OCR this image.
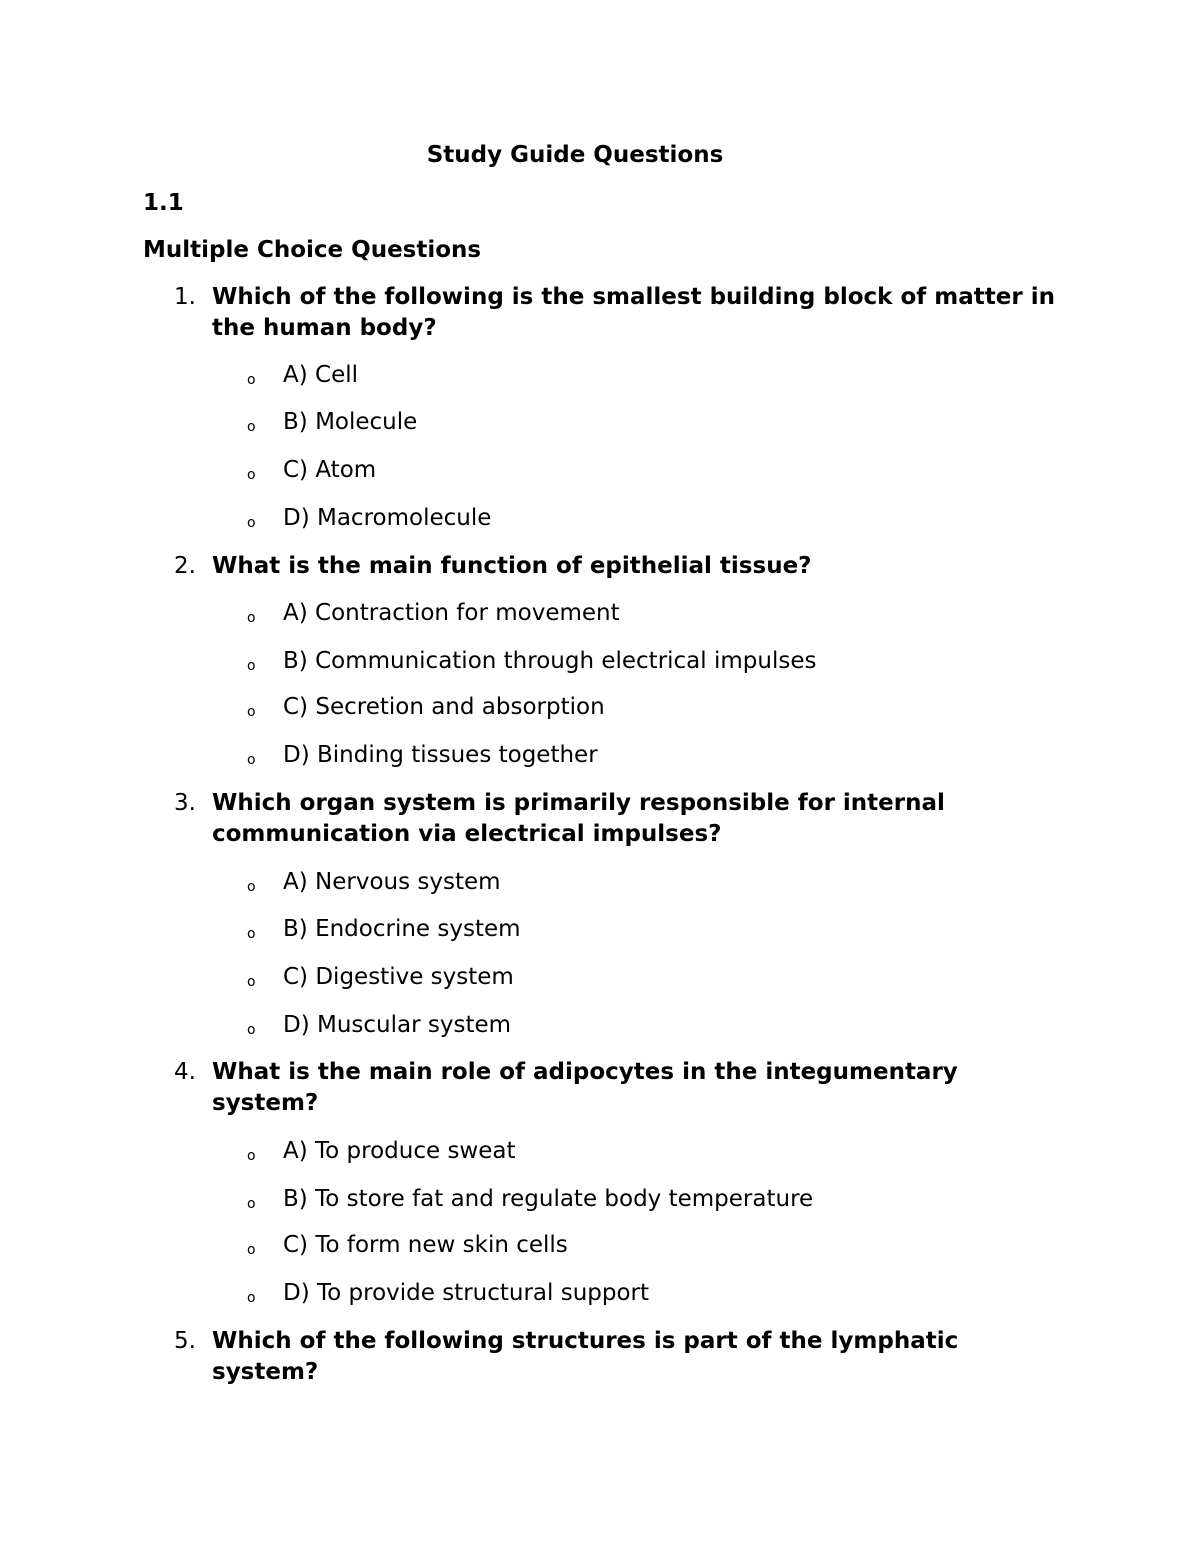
Study Guide Questions
1.1
Multiple Choice Questions
1. Which of the following is the smallest building block of matter in the human body?
o A) Cell
o B) Molecule
o C) Atom
o D) Macromolecule
2. What is the main function of epithelial tissue?
o A) Contraction for movement
o B) Communication through electrical impulses
o C) Secretion and absorption
o D) Binding tissues together
3. Which organ system is primarily responsible for internal communication via electrical impulses?
o A) Nervous system
o B) Endocrine system
o C) Digestive system
o D) Muscular system
4. What is the main role of adipocytes in the integumentary system?
o A) To produce sweat
o B) To store fat and regulate body temperature
o C) To form new skin cells
o D) To provide structural support
5. Which of the following structures is part of the lymphatic system?
